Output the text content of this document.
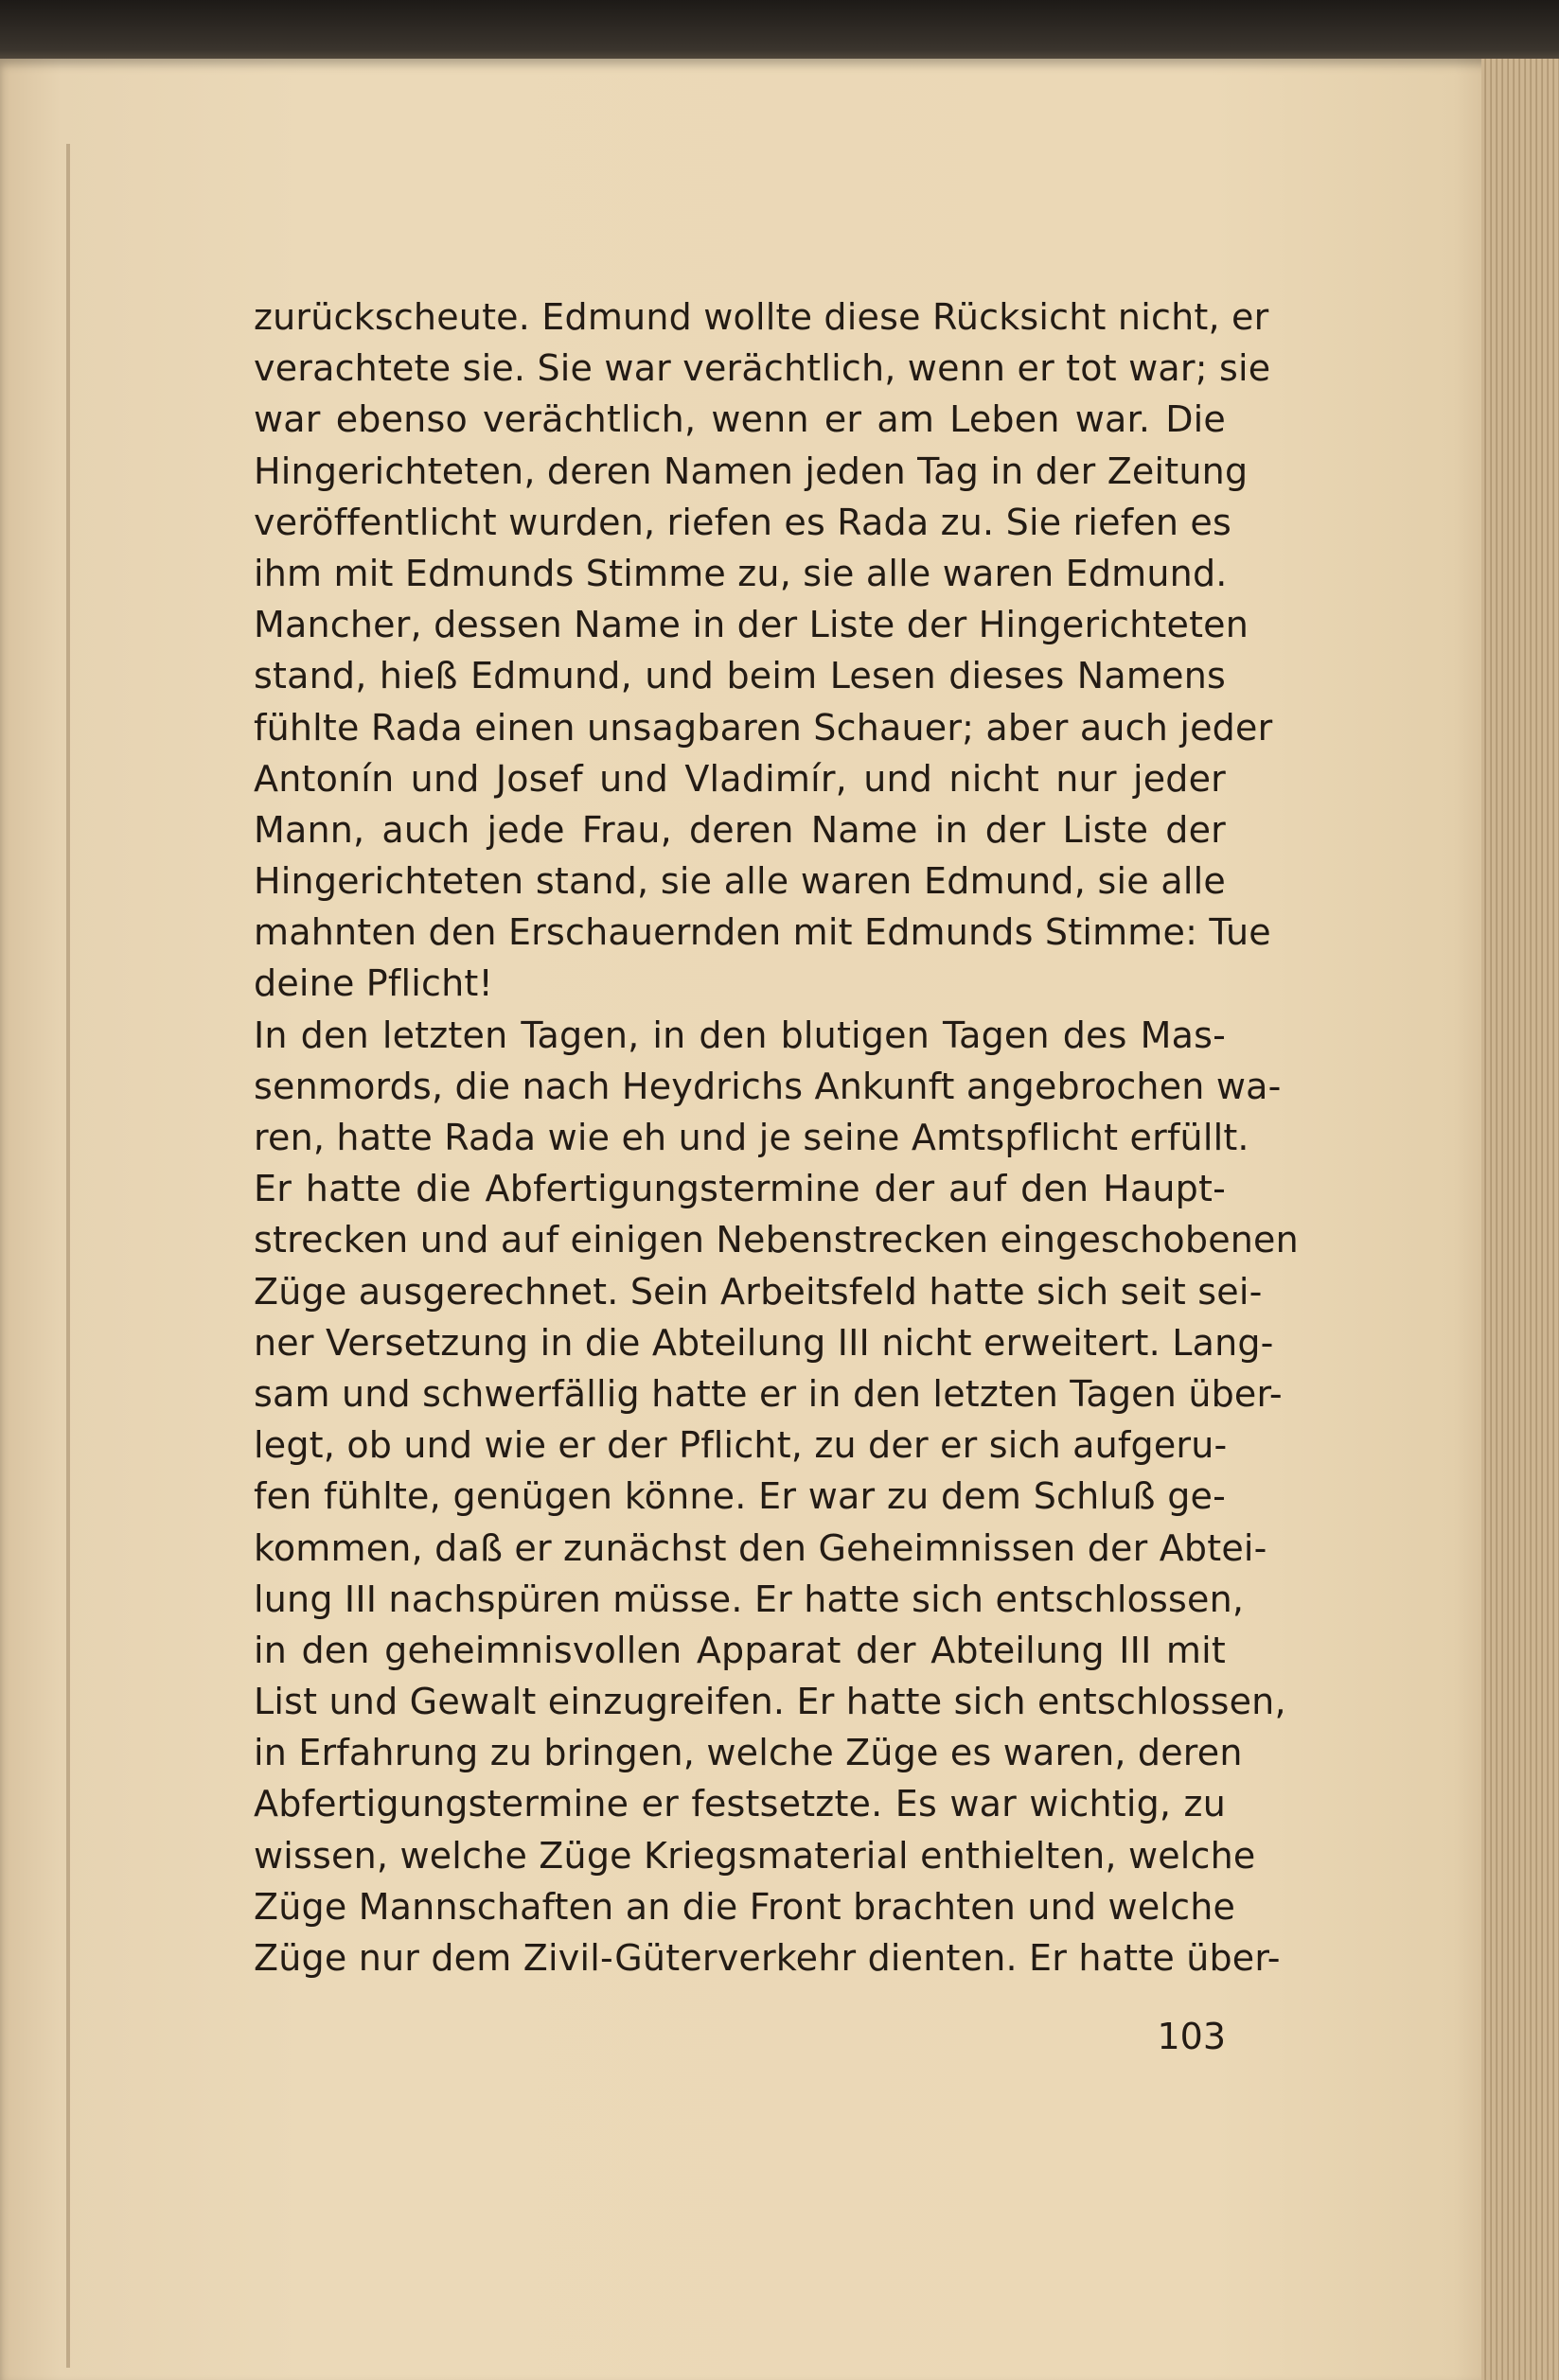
zurückscheute. Edmund wollte diese Rücksicht nicht, er
verachtete sie. Sie war verächtlich, wenn er tot war; sie
war ebenso verächtlich, wenn er am Leben war. Die
Hingerichteten, deren Namen jeden Tag in der Zeitung
veröffentlicht wurden, riefen es Rada zu. Sie riefen es
ihm mit Edmunds Stimme zu, sie alle waren Edmund.
Mancher, dessen Name in der Liste der Hingerichteten
stand, hieß Edmund, und beim Lesen dieses Namens
fühlte Rada einen unsagbaren Schauer; aber auch jeder
Antonín und Josef und Vladimír, und nicht nur jeder
Mann, auch jede Frau, deren Name in der Liste der
Hingerichteten stand, sie alle waren Edmund, sie alle
mahnten den Erschauernden mit Edmunds Stimme: Tue
deine Pflicht!
In den letzten Tagen, in den blutigen Tagen des Mas-
senmords, die nach Heydrichs Ankunft angebrochen wa-
ren, hatte Rada wie eh und je seine Amtspflicht erfüllt.
Er hatte die Abfertigungstermine der auf den Haupt-
strecken und auf einigen Nebenstrecken eingeschobenen
Züge ausgerechnet. Sein Arbeitsfeld hatte sich seit sei-
ner Versetzung in die Abteilung III nicht erweitert. Lang-
sam und schwerfällig hatte er in den letzten Tagen über-
legt, ob und wie er der Pflicht, zu der er sich aufgeru-
fen fühlte, genügen könne. Er war zu dem Schluß ge-
kommen, daß er zunächst den Geheimnissen der Abtei-
lung III nachspüren müsse. Er hatte sich entschlossen,
in den geheimnisvollen Apparat der Abteilung III mit
List und Gewalt einzugreifen. Er hatte sich entschlossen,
in Erfahrung zu bringen, welche Züge es waren, deren
Abfertigungstermine er festsetzte. Es war wichtig, zu
wissen, welche Züge Kriegsmaterial enthielten, welche
Züge Mannschaften an die Front brachten und welche
Züge nur dem Zivil-Güterverkehr dienten. Er hatte über-
103
